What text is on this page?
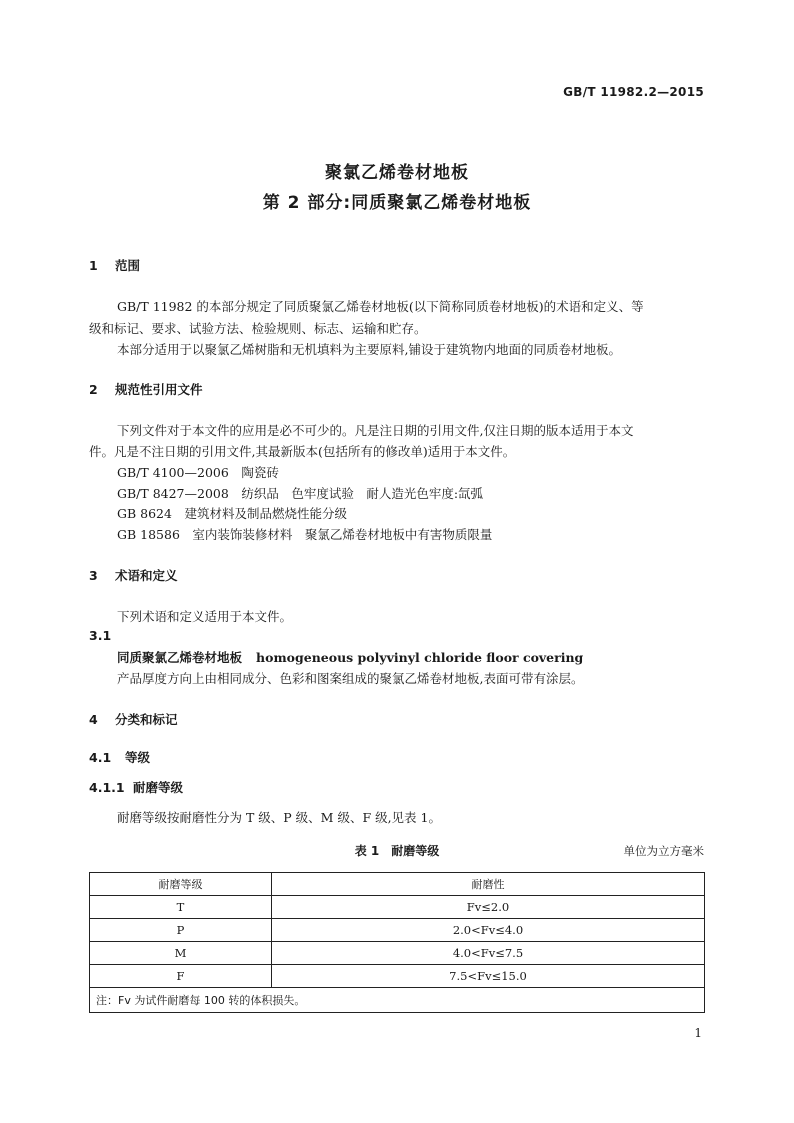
GB/T 11982.2—2015
聚氯乙烯卷材地板
第 2 部分:同质聚氯乙烯卷材地板
1 范围
GB/T 11982 的本部分规定了同质聚氯乙烯卷材地板(以下简称同质卷材地板)的术语和定义、等
级和标记、要求、试验方法、检验规则、标志、运输和贮存。
本部分适用于以聚氯乙烯树脂和无机填料为主要原料,铺设于建筑物内地面的同质卷材地板。
2 规范性引用文件
下列文件对于本文件的应用是必不可少的。凡是注日期的引用文件,仅注日期的版本适用于本文
件。凡是不注日期的引用文件,其最新版本(包括所有的修改单)适用于本文件。
GB/T 4100—2006　陶瓷砖
GB/T 8427—2008　纺织品　色牢度试验　耐人造光色牢度:氙弧
GB 8624　建筑材料及制品燃烧性能分级
GB 18586　室内装饰装修材料　聚氯乙烯卷材地板中有害物质限量
3 术语和定义
下列术语和定义适用于本文件。
3.1
同质聚氯乙烯卷材地板 homogeneous polyvinyl chloride floor covering
产品厚度方向上由相同成分、色彩和图案组成的聚氯乙烯卷材地板,表面可带有涂层。
4 分类和标记
4.1 等级
4.1.1 耐磨等级
耐磨等级按耐磨性分为 T 级、P 级、M 级、F 级,见表 1。
表 1　耐磨等级	单位为立方毫米
耐磨等级	耐磨性
T	Fv≤2.0
P	2.0<Fv≤4.0
M	4.0<Fv≤7.5
F	7.5<Fv≤15.0
注：Fv 为试件耐磨每 100 转的体积损失。	
1
